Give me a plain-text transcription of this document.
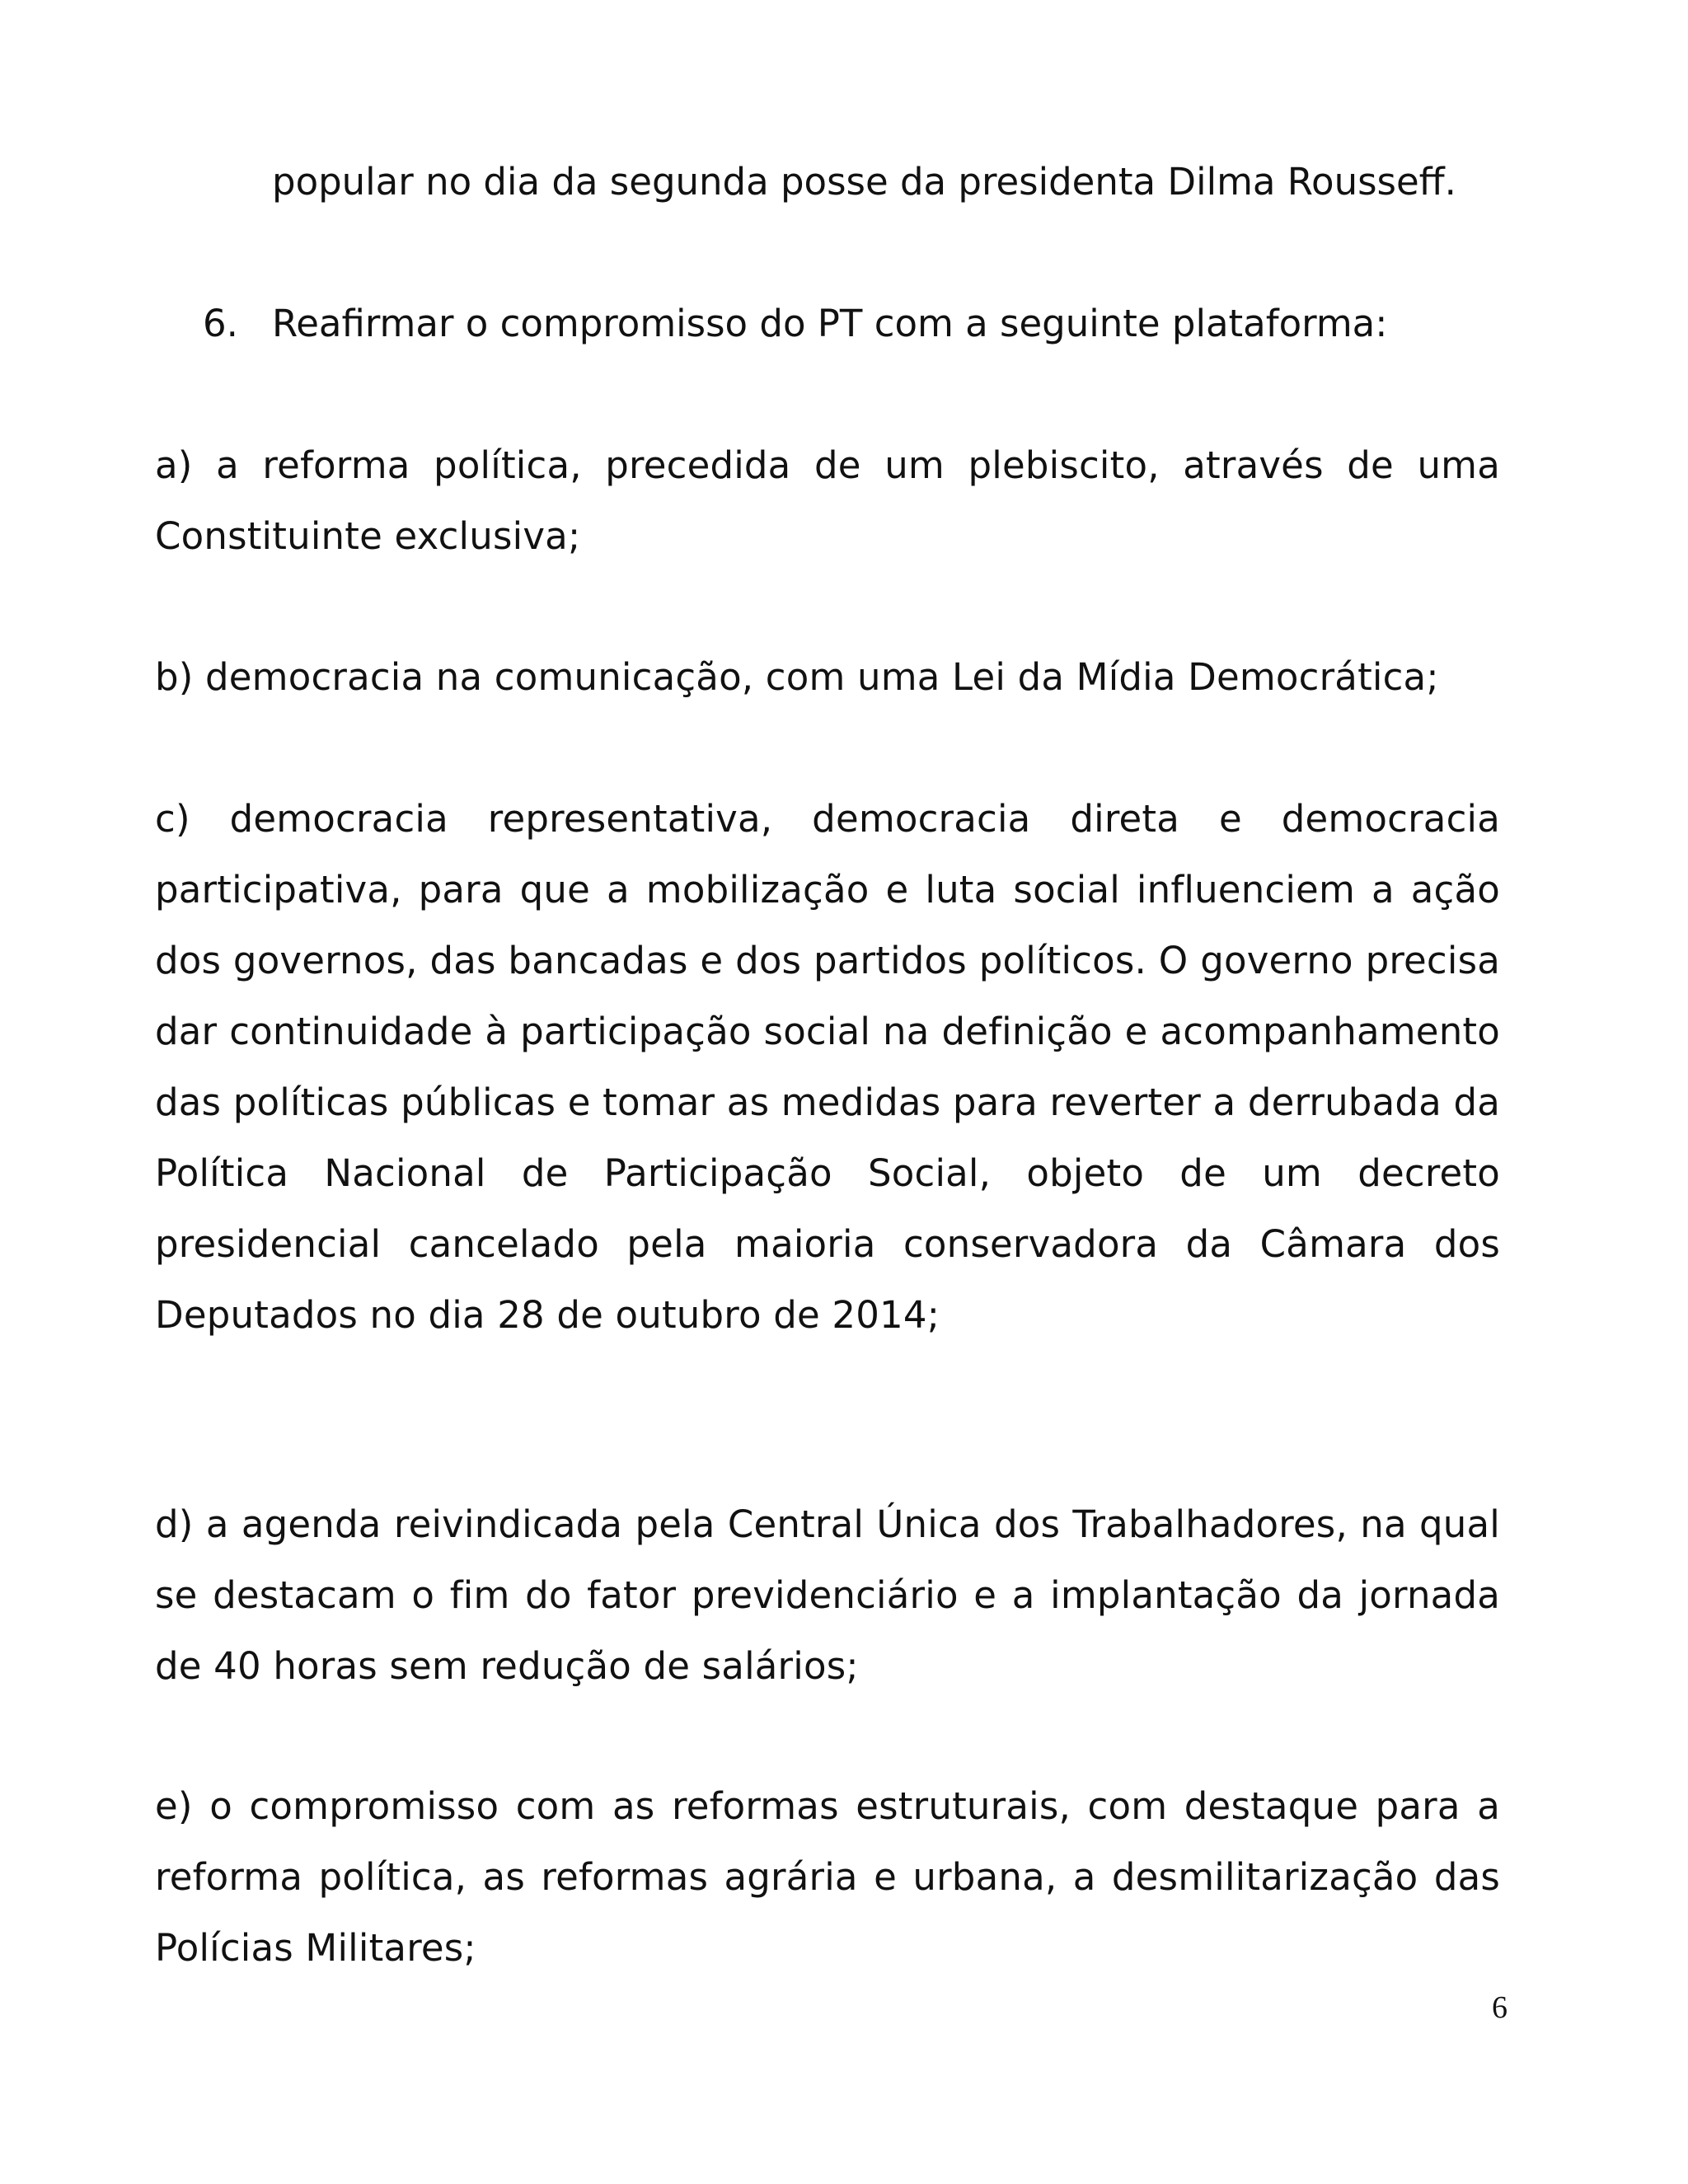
popular no dia da segunda posse da presidenta Dilma Rousseff.
6. Reafirmar o compromisso do PT com a seguinte plataforma:

a) a reforma política, precedida de um plebiscito, através de uma Constituinte exclusiva;

b) democracia na comunicação, com uma Lei da Mídia Democrática;

c) democracia representativa, democracia direta e democracia participativa, para que a mobilização e luta social influenciem a ação dos governos, das bancadas e dos partidos políticos. O governo precisa dar continuidade à participação social na definição e acompanhamento das políticas públicas e tomar as medidas para reverter a derrubada da Política Nacional de Participação Social, objeto de um decreto presidencial cancelado pela maioria conservadora da Câmara dos Deputados no dia 28 de outubro de 2014;

d) a agenda reivindicada pela Central Única dos Trabalhadores, na qual se destacam o fim do fator previdenciário e a implantação da jornada de 40 horas sem redução de salários;

e) o compromisso com as reformas estruturais, com destaque para a reforma política, as reformas agrária e urbana, a desmilitarização das Polícias Militares;

6
